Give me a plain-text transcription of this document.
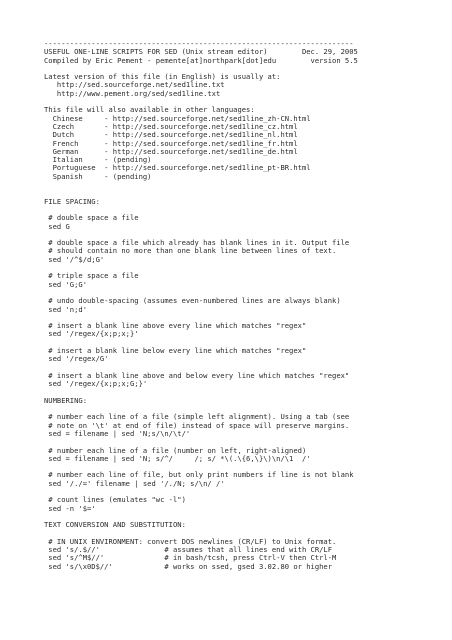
------------------------------------------------------------------------
USEFUL ONE-LINE SCRIPTS FOR SED (Unix stream editor)        Dec. 29, 2005
Compiled by Eric Pement - pemente[at]northpark[dot]edu        version 5.5
Latest version of this file (in English) is usually at:
http://sed.sourceforge.net/sed1line.txt
http://www.pement.org/sed/sed1line.txt
This file will also available in other languages:
Chinese     - http://sed.sourceforge.net/sed1line_zh-CN.html
Czech       - http://sed.sourceforge.net/sed1line_cz.html
Dutch       - http://sed.sourceforge.net/sed1line_nl.html
French      - http://sed.sourceforge.net/sed1line_fr.html
German      - http://sed.sourceforge.net/sed1line_de.html
Italian     - (pending)
Portuguese  - http://sed.sourceforge.net/sed1line_pt-BR.html
Spanish     - (pending)
FILE SPACING:
# double space a file
sed G
# double space a file which already has blank lines in it. Output file
# should contain no more than one blank line between lines of text.
sed '/^$/d;G'
# triple space a file
sed 'G;G'
# undo double-spacing (assumes even-numbered lines are always blank)
sed 'n;d'
# insert a blank line above every line which matches "regex"
sed '/regex/{x;p;x;}'
# insert a blank line below every line which matches "regex"
sed '/regex/G'
# insert a blank line above and below every line which matches "regex"
sed '/regex/{x;p;x;G;}'
NUMBERING:
# number each line of a file (simple left alignment). Using a tab (see
# note on '\t' at end of file) instead of space will preserve margins.
sed = filename | sed 'N;s/\n/\t/'
# number each line of a file (number on left, right-aligned)
sed = filename | sed 'N; s/^/     /; s/ *\(.\{6,\}\)\n/\1  /'
# number each line of file, but only print numbers if line is not blank
sed '/./=' filename | sed '/./N; s/\n/ /'
# count lines (emulates "wc -l")
sed -n '$='
TEXT CONVERSION AND SUBSTITUTION:
# IN UNIX ENVIRONMENT: convert DOS newlines (CR/LF) to Unix format.
sed 's/.$//'               # assumes that all lines end with CR/LF
sed 's/^M$//'              # in bash/tcsh, press Ctrl-V then Ctrl-M
sed 's/\x0D$//'            # works on ssed, gsed 3.02.80 or higher
